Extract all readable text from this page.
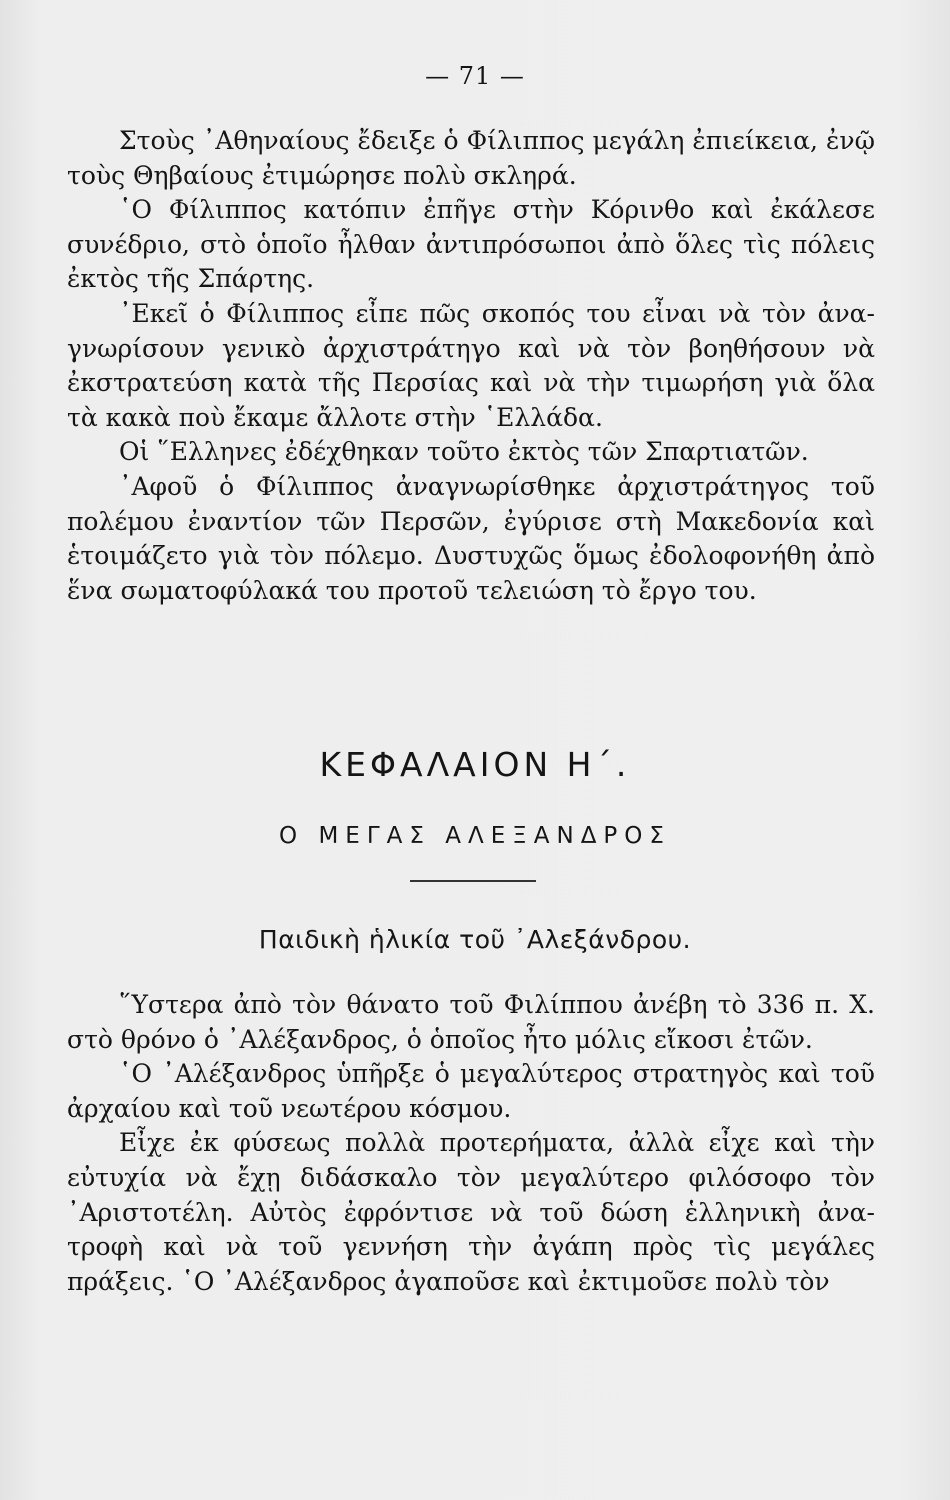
— 71 —

Στοὺς ᾿Αθηναίους ἔδειξε ὁ Φίλιππος μεγάλη ἐπιείκεια, ἐνῷ τοὺς Θηβαίους ἐτιμώρησε πολὺ σκληρά.

῾Ο Φίλιππος κατόπιν ἐπῆγε στὴν Κόρινθο καὶ ἐκάλεσε συνέδριο, στὸ ὁποῖο ἦλθαν ἀντιπρόσωποι ἀπὸ ὅλες τὶς πόλεις ἐκτὸς τῆς Σπάρτης.

᾿Εκεῖ ὁ Φίλιππος εἶπε πῶς σκοπός του εἶναι νὰ τὸν ἀναγνωρίσουν γενικὸ ἀρχιστράτηγο καὶ νὰ τὸν βοηθήσουν νὰ ἐκστρατεύση κατὰ τῆς Περσίας καὶ νὰ τὴν τιμωρήση γιὰ ὅλα τὰ κακὰ ποὺ ἔκαμε ἄλλοτε στὴν ῾Ελλάδα.

Οἱ ῞Ελληνες ἐδέχθηκαν τοῦτο ἐκτὸς τῶν Σπαρτιατῶν.

᾿Αφοῦ ὁ Φίλιππος ἀναγνωρίσθηκε ἀρχιστράτηγος τοῦ πολέμου ἐναντίον τῶν Περσῶν, ἐγύρισε στὴ Μακεδονία καὶ ἑτοιμάζετο γιὰ τὸν πόλεμο. Δυστυχῶς ὅμως ἐδολοφονήθη ἀπὸ ἕνα σωματοφύλακά του προτοῦ τελειώση τὸ ἔργο του.

ΚΕΦΑΛΑΙΟΝ Η΄.
Ο ΜΕΓΑΣ ΑΛΕΞΑΝΔΡΟΣ
Παιδικὴ ἡλικία τοῦ ᾿Αλεξάνδρου.

῞Υστερα ἀπὸ τὸν θάνατο τοῦ Φιλίππου ἀνέβη τὸ 336 π. Χ. στὸ θρόνο ὁ ᾿Αλέξανδρος, ὁ ὁποῖος ἦτο μόλις εἴκοσι ἐτῶν.

῾Ο ᾿Αλέξανδρος ὑπῆρξε ὁ μεγαλύτερος στρατηγὸς καὶ τοῦ ἀρχαίου καὶ τοῦ νεωτέρου κόσμου.

Εἶχε ἐκ φύσεως πολλὰ προτερήματα, ἀλλὰ εἶχε καὶ τὴν εὐτυχία νὰ ἔχῃ διδάσκαλο τὸν μεγαλύτερο φιλόσοφο τὸν ᾿Αριστοτέλη. Αὐτὸς ἐφρόντισε νὰ τοῦ δώση ἑλληνικὴ ἀνατροφὴ καὶ νὰ τοῦ γεννήση τὴν ἀγάπη πρὸς τὶς μεγάλες πράξεις. ῾Ο ᾿Αλέξανδρος ἀγαποῦσε καὶ ἐκτιμοῦσε πολὺ τὸν
